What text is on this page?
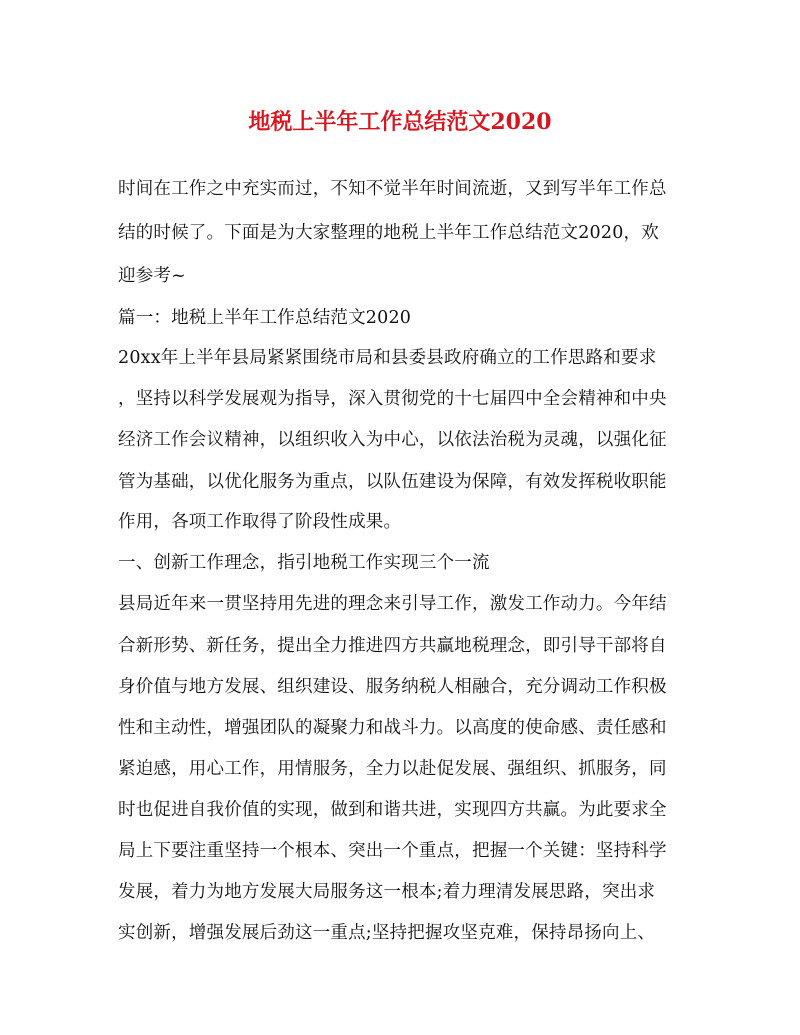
地税上半年工作总结范文2020

时间在工作之中充实而过，不知不觉半年时间流逝，又到写半年工作总

结的时候了。下面是为大家整理的地税上半年工作总结范文2020，欢

迎参考~

篇一：地税上半年工作总结范文2020

20xx年上半年县局紧紧围绕市局和县委县政府确立的工作思路和要求

，坚持以科学发展观为指导，深入贯彻党的十七届四中全会精神和中央

经济工作会议精神，以组织收入为中心，以依法治税为灵魂，以强化征

管为基础，以优化服务为重点，以队伍建设为保障，有效发挥税收职能

作用，各项工作取得了阶段性成果。

一、创新工作理念，指引地税工作实现三个一流

县局近年来一贯坚持用先进的理念来引导工作，激发工作动力。今年结

合新形势、新任务，提出全力推进四方共赢地税理念，即引导干部将自

身价值与地方发展、组织建设、服务纳税人相融合，充分调动工作积极

性和主动性，增强团队的凝聚力和战斗力。以高度的使命感、责任感和

紧迫感，用心工作，用情服务，全力以赴促发展、强组织、抓服务，同

时也促进自我价值的实现，做到和谐共进，实现四方共赢。为此要求全

局上下要注重坚持一个根本、突出一个重点，把握一个关键：坚持科学

发展，着力为地方发展大局服务这一根本;着力理清发展思路，突出求

实创新，增强发展后劲这一重点;坚持把握攻坚克难，保持昂扬向上、
